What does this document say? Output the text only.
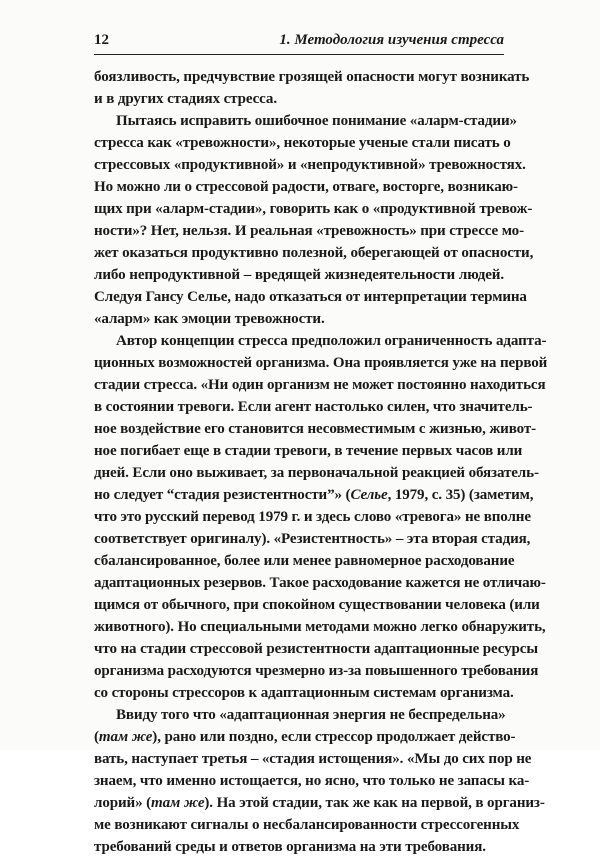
12	1. Методология изучения стресса

боязливость, предчувствие грозящей опасности могут возникать
и в других стадиях стресса.

Пытаясь исправить ошибочное понимание «аларм-стадии»
стресса как «тревожности», некоторые ученые стали писать о
стрессовых «продуктивной» и «непродуктивной» тревожностях.
Но можно ли о стрессовой радости, отваге, восторге, возникаю-
щих при «аларм-стадии», говорить как о «продуктивной тревож-
ности»? Нет, нельзя. И реальная «тревожность» при стрессе мо-
жет оказаться продуктивно полезной, оберегающей от опасности,
либо непродуктивной – вредящей жизнедеятельности людей.
Следуя Гансу Селье, надо отказаться от интерпретации термина
«аларм» как эмоции тревожности.

Автор концепции стресса предположил ограниченность адапта-
ционных возможностей организма. Она проявляется уже на первой
стадии стресса. «Ни один организм не может постоянно находиться
в состоянии тревоги. Если агент настолько силен, что значитель-
ное воздействие его становится несовместимым с жизнью, живот-
ное погибает еще в стадии тревоги, в течение первых часов или
дней. Если оно выживает, за первоначальной реакцией обязатель-
но следует “стадия резистентности”» (Селье, 1979, с. 35) (заметим,
что это русский перевод 1979 г. и здесь слово «тревога» не вполне
соответствует оригиналу). «Резистентность» – эта вторая стадия,
сбалансированное, более или менее равномерное расходование
адаптационных резервов. Такое расходование кажется не отличаю-
щимся от обычного, при спокойном существовании человека (или
животного). Но специальными методами можно легко обнаружить,
что на стадии стрессовой резистентности адаптационные ресурсы
организма расходуются чрезмерно из-за повышенного требования
со стороны стрессоров к адаптационным системам организма.

Ввиду того что «адаптационная энергия не беспредельна»
(там же), рано или поздно, если стрессор продолжает действо-
вать, наступает третья – «стадия истощения». «Мы до сих пор не
знаем, что именно истощается, но ясно, что только не запасы ка-
лорий» (там же). На этой стадии, так же как на первой, в организ-
ме возникают сигналы о несбалансированности стрессогенных
требований среды и ответов организма на эти требования.
